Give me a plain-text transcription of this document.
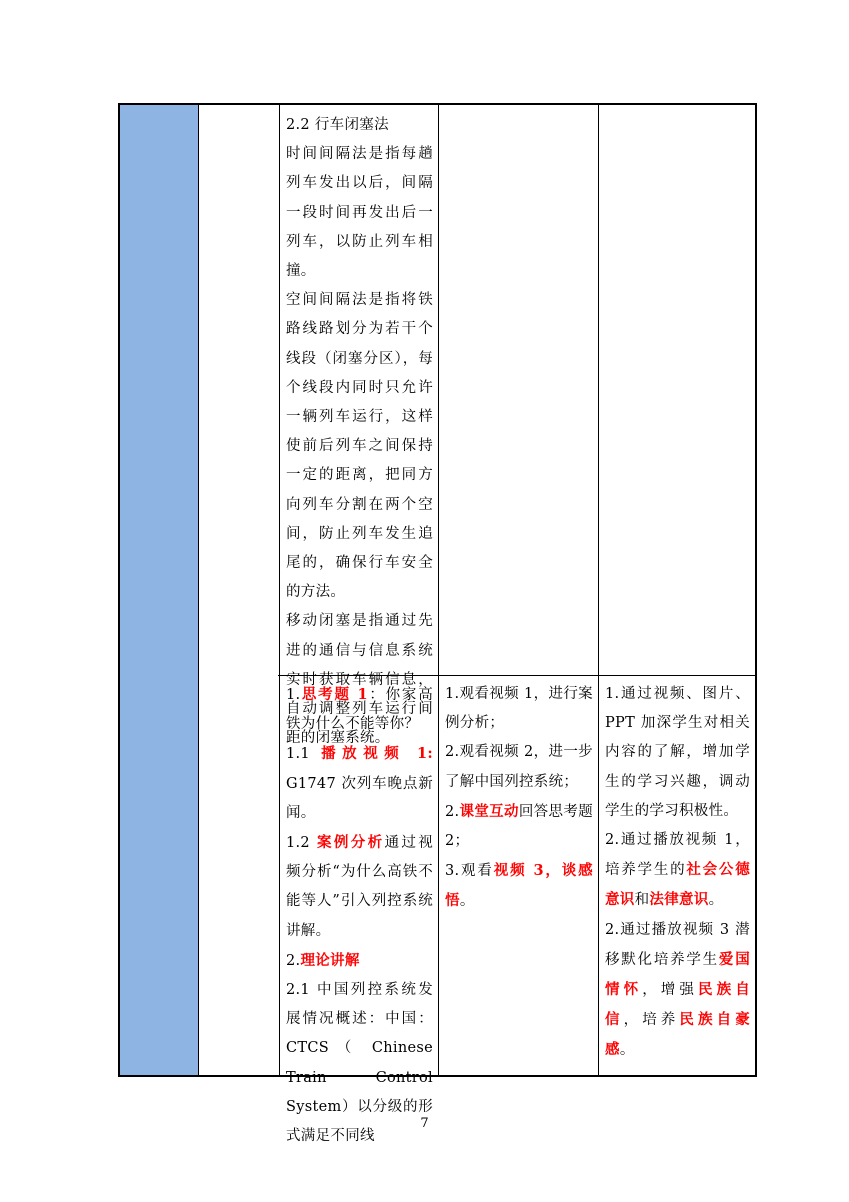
2.2 行车闭塞法

时间间隔法是指每趟列车发出以后，间隔一段时间再发出后一列车，以防止列车相撞。

空间间隔法是指将铁路线路划分为若干个线段（闭塞分区），每个线段内同时只允许一辆列车运行，这样使前后列车之间保持一定的距离，把同方向列车分割在两个空间，防止列车发生追尾的，确保行车安全的方法。

移动闭塞是指通过先进的通信与信息系统实时获取车辆信息，自动调整列车运行间距的闭塞系统。

1.思考题 1：你家高铁为什么不能等你？

1.1 播放视频 1: G1747 次列车晚点新闻。

1.2 案例分析通过视频分析“为什么高铁不能等人”引入列控系统讲解。

2.理论讲解

2.1 中国列控系统发展情况概述：中国：CTCS（ Chinese Train Control System）以分级的形式满足不同线

1.观看视频 1，进行案例分析；

2.观看视频 2，进一步了解中国列控系统；

2.课堂互动回答思考题 2；

3.观看视频 3，谈感悟。

1.通过视频、图片、PPT 加深学生对相关内容的了解，增加学生的学习兴趣，调动学生的学习积极性。

2.通过播放视频 1，培养学生的社会公德意识和法律意识。

2.通过播放视频 3 潜移默化培养学生爱国情怀，增强民族自信，培养民族自豪感。

7
